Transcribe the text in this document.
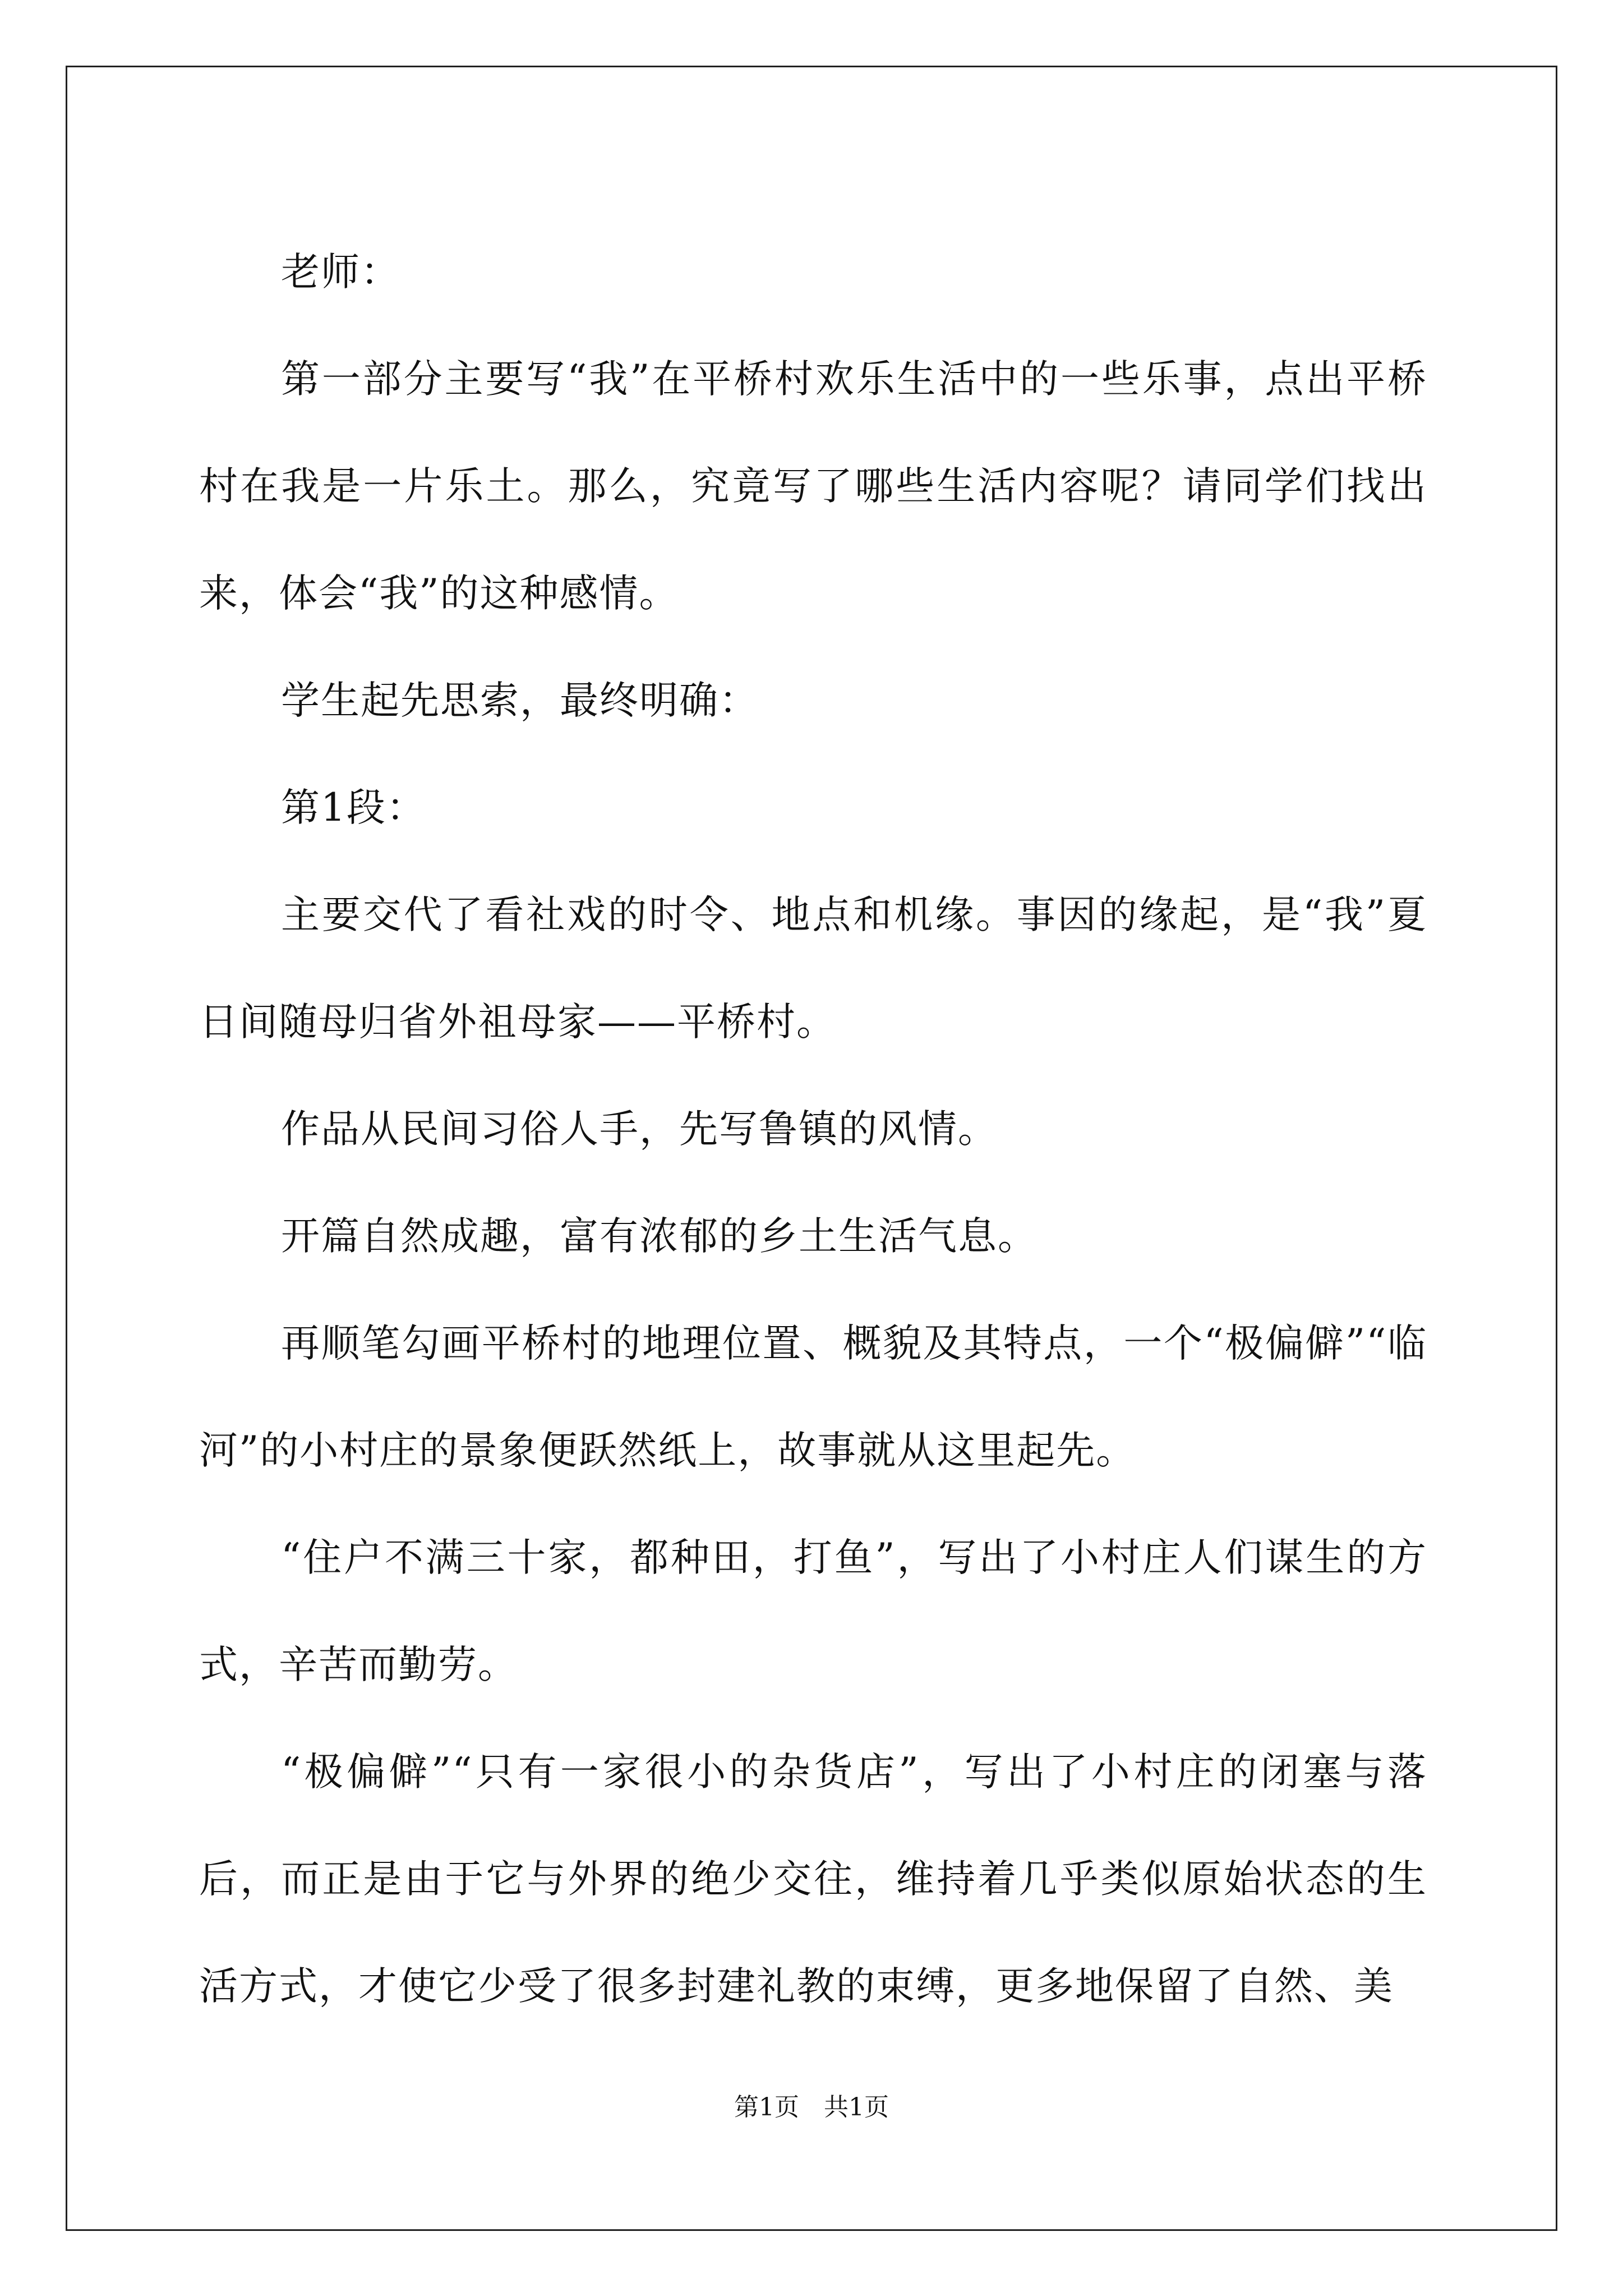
老师：

第一部分主要写“我”在平桥村欢乐生活中的一些乐事，点出平桥村在我是一片乐土。那么，究竟写了哪些生活内容呢？请同学们找出来，体会“我”的这种感情。

学生起先思索，最终明确：

第1段：

主要交代了看社戏的时令、地点和机缘。事因的缘起，是“我”夏日间随母归省外祖母家——平桥村。

作品从民间习俗人手，先写鲁镇的风情。

开篇自然成趣，富有浓郁的乡土生活气息。

再顺笔勾画平桥村的地理位置、概貌及其特点，一个“极偏僻”“临河”的小村庄的景象便跃然纸上，故事就从这里起先。

“住户不满三十家，都种田，打鱼”，写出了小村庄人们谋生的方式，辛苦而勤劳。

“极偏僻”“只有一家很小的杂货店”，写出了小村庄的闭塞与落后，而正是由于它与外界的绝少交往，维持着几乎类似原始状态的生活方式，才使它少受了很多封建礼教的束缚，更多地保留了自然、美

第1页　共1页
